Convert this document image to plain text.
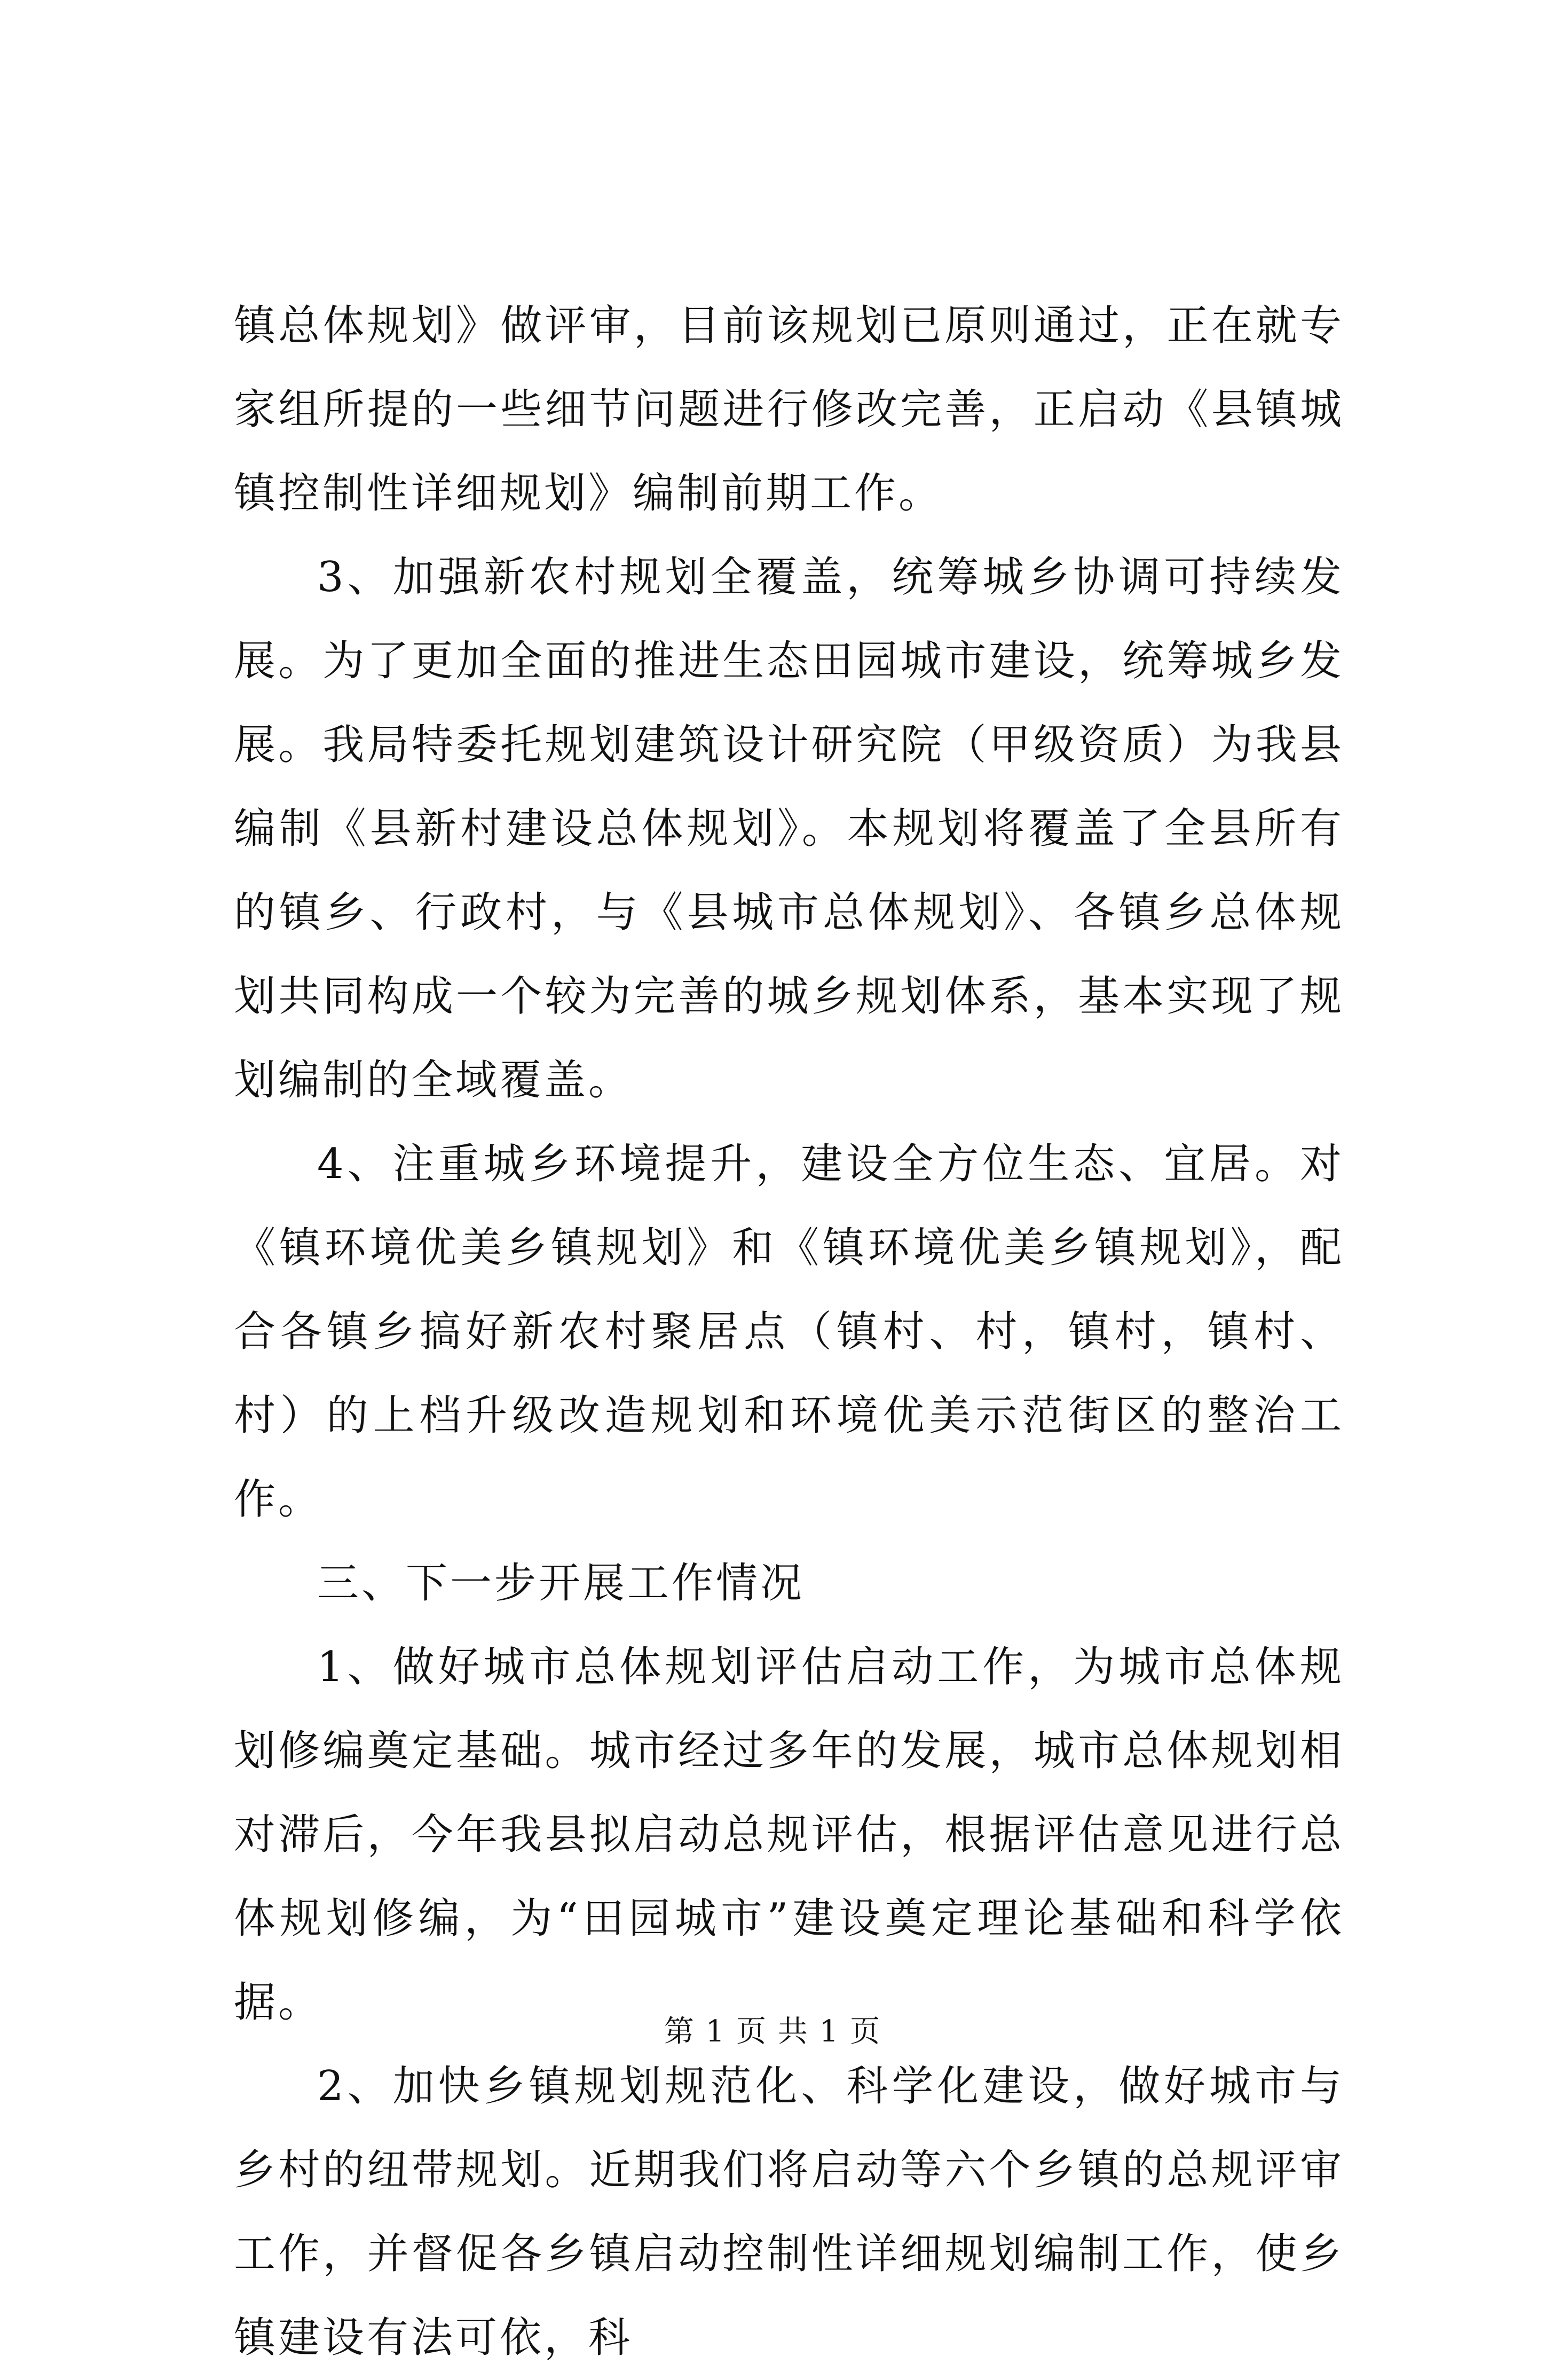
镇总体规划》做评审，目前该规划已原则通过，正在就专家组所提的一些细节问题进行修改完善，正启动《县镇城镇控制性详细规划》编制前期工作。

3、加强新农村规划全覆盖，统筹城乡协调可持续发展。为了更加全面的推进生态田园城市建设，统筹城乡发展。我局特委托规划建筑设计研究院（甲级资质）为我县编制《县新村建设总体规划》。本规划将覆盖了全县所有的镇乡、行政村，与《县城市总体规划》、各镇乡总体规划共同构成一个较为完善的城乡规划体系，基本实现了规划编制的全域覆盖。

4、注重城乡环境提升，建设全方位生态、宜居。对《镇环境优美乡镇规划》和《镇环境优美乡镇规划》，配合各镇乡搞好新农村聚居点（镇村、村，镇村，镇村、村）的上档升级改造规划和环境优美示范街区的整治工作。

三、下一步开展工作情况

1、做好城市总体规划评估启动工作，为城市总体规划修编奠定基础。城市经过多年的发展，城市总体规划相对滞后，今年我县拟启动总规评估，根据评估意见进行总体规划修编，为“田园城市”建设奠定理论基础和科学依据。

2、加快乡镇规划规范化、科学化建设，做好城市与乡村的纽带规划。近期我们将启动等六个乡镇的总规评审工作，并督促各乡镇启动控制性详细规划编制工作，使乡镇建设有法可依，科

第 1 页 共 1 页
